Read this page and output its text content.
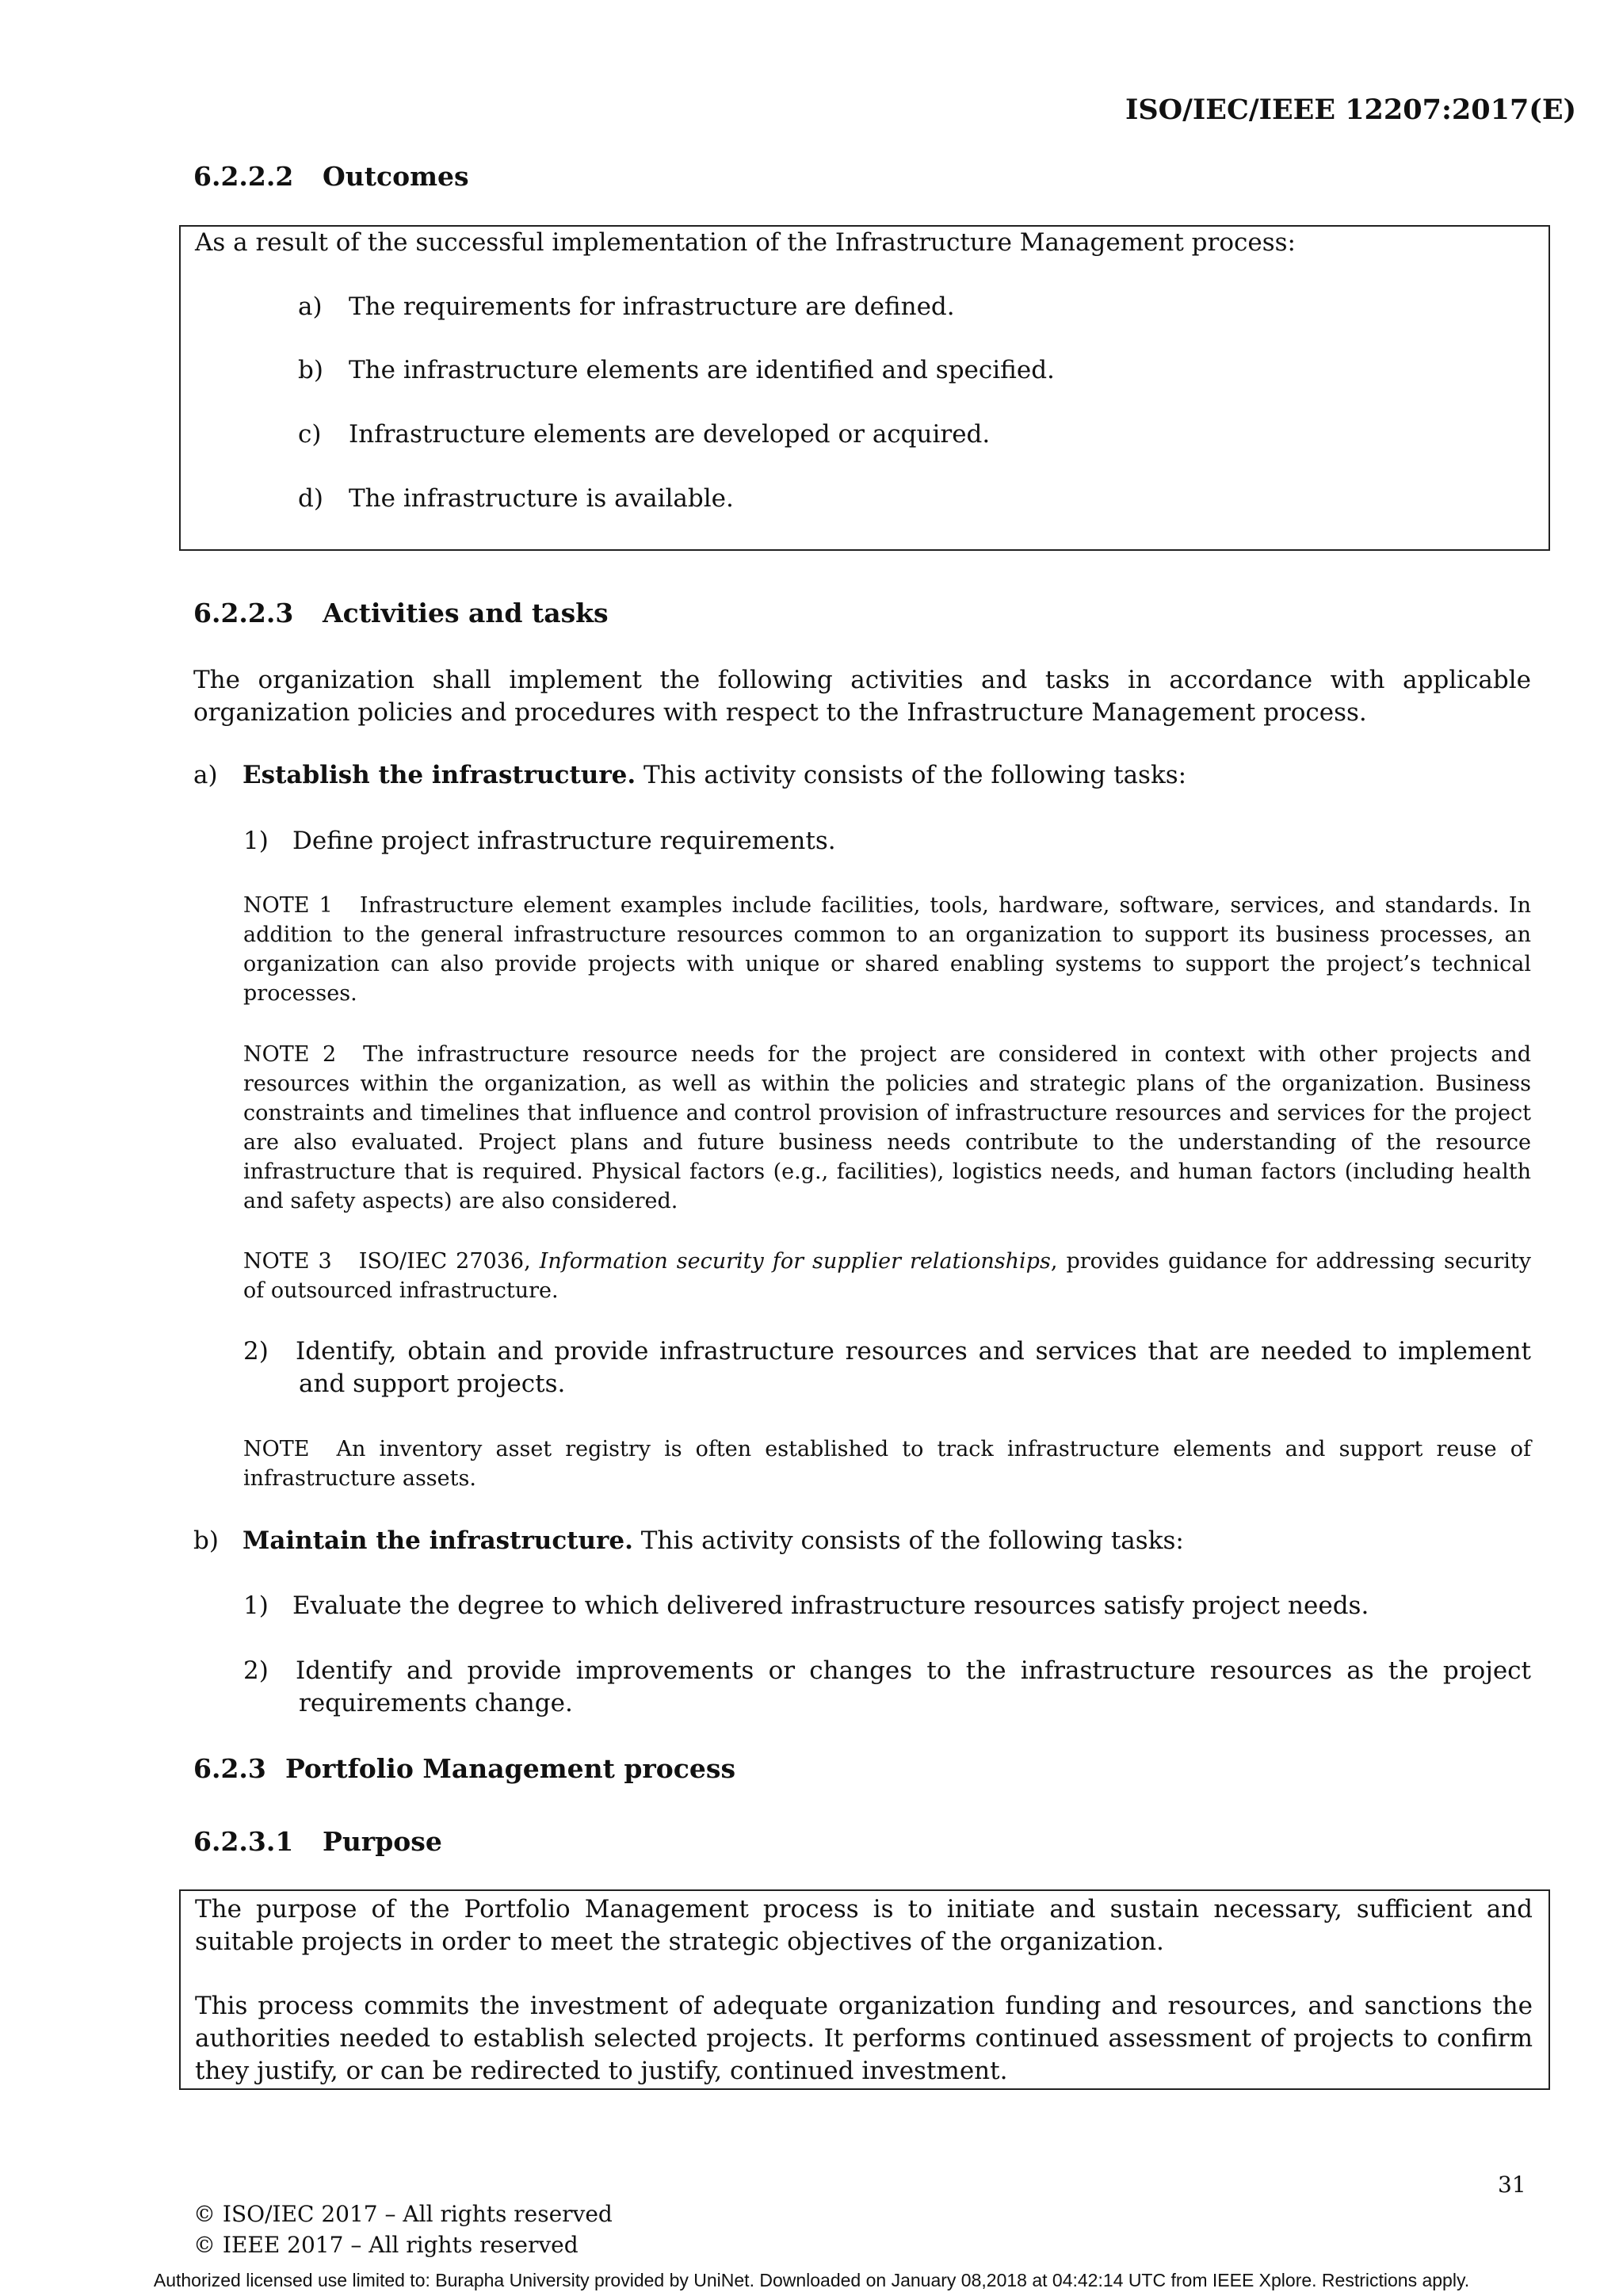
ISO/IEC/IEEE 12207:2017(E)
6.2.2.2 Outcomes
As a result of the successful implementation of the Infrastructure Management process:
a) The requirements for infrastructure are defined.
b) The infrastructure elements are identified and specified.
c) Infrastructure elements are developed or acquired.
d) The infrastructure is available.
6.2.2.3 Activities and tasks
The organization shall implement the following activities and tasks in accordance with applicable organization policies and procedures with respect to the Infrastructure Management process.
a) Establish the infrastructure. This activity consists of the following tasks:
1) Define project infrastructure requirements.
NOTE 1 Infrastructure element examples include facilities, tools, hardware, software, services, and standards. In addition to the general infrastructure resources common to an organization to support its business processes, an organization can also provide projects with unique or shared enabling systems to support the project’s technical processes.
NOTE 2 The infrastructure resource needs for the project are considered in context with other projects and resources within the organization, as well as within the policies and strategic plans of the organization. Business constraints and timelines that influence and control provision of infrastructure resources and services for the project are also evaluated. Project plans and future business needs contribute to the understanding of the resource infrastructure that is required. Physical factors (e.g., facilities), logistics needs, and human factors (including health and safety aspects) are also considered.
NOTE 3 ISO/IEC 27036, Information security for supplier relationships, provides guidance for addressing security of outsourced infrastructure.
2) Identify, obtain and provide infrastructure resources and services that are needed to implement and support projects.
NOTE An inventory asset registry is often established to track infrastructure elements and support reuse of infrastructure assets.
b) Maintain the infrastructure. This activity consists of the following tasks:
1) Evaluate the degree to which delivered infrastructure resources satisfy project needs.
2) Identify and provide improvements or changes to the infrastructure resources as the project requirements change.
6.2.3 Portfolio Management process
6.2.3.1 Purpose
The purpose of the Portfolio Management process is to initiate and sustain necessary, sufficient and suitable projects in order to meet the strategic objectives of the organization.
This process commits the investment of adequate organization funding and resources, and sanctions the authorities needed to establish selected projects. It performs continued assessment of projects to confirm they justify, or can be redirected to justify, continued investment.
31
© ISO/IEC 2017 – All rights reserved
© IEEE 2017 – All rights reserved
Authorized licensed use limited to: Burapha University provided by UniNet. Downloaded on January 08,2018 at 04:42:14 UTC from IEEE Xplore. Restrictions apply.
